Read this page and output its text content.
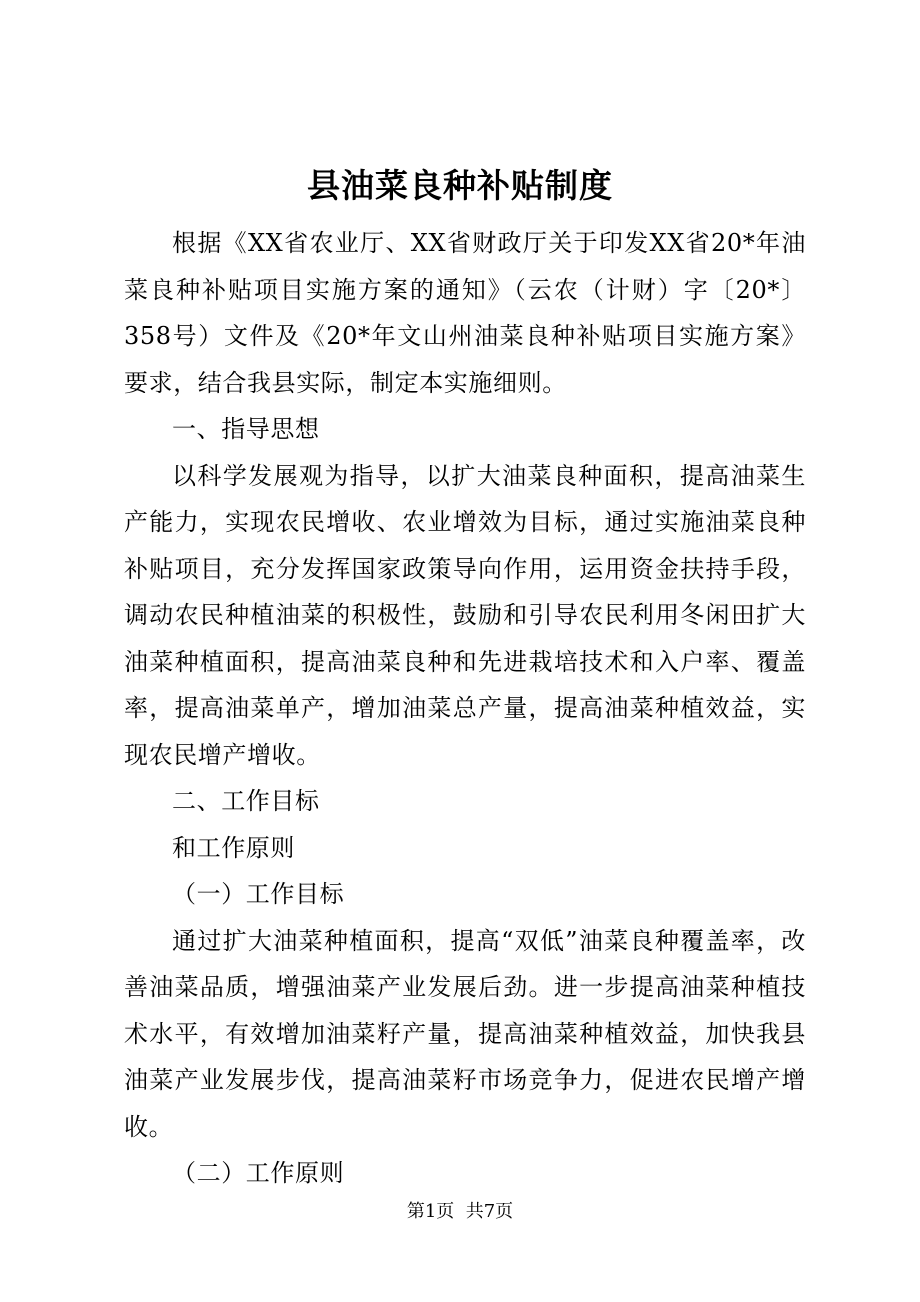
县油菜良种补贴制度

根据《XX省农业厅、XX省财政厅关于印发XX省20*年油菜良种补贴项目实施方案的通知》（云农（计财）字〔20*〕358号）文件及《20*年文山州油菜良种补贴项目实施方案》要求，结合我县实际，制定本实施细则。

一、指导思想

以科学发展观为指导，以扩大油菜良种面积，提高油菜生产能力，实现农民增收、农业增效为目标，通过实施油菜良种补贴项目，充分发挥国家政策导向作用，运用资金扶持手段，调动农民种植油菜的积极性，鼓励和引导农民利用冬闲田扩大油菜种植面积，提高油菜良种和先进栽培技术和入户率、覆盖率，提高油菜单产，增加油菜总产量，提高油菜种植效益，实现农民增产增收。

二、工作目标

和工作原则

（一）工作目标

通过扩大油菜种植面积，提高“双低”油菜良种覆盖率，改善油菜品质，增强油菜产业发展后劲。进一步提高油菜种植技术水平，有效增加油菜籽产量，提高油菜种植效益，加快我县油菜产业发展步伐，提高油菜籽市场竞争力，促进农民增产增收。

（二）工作原则

第1页  共7页
